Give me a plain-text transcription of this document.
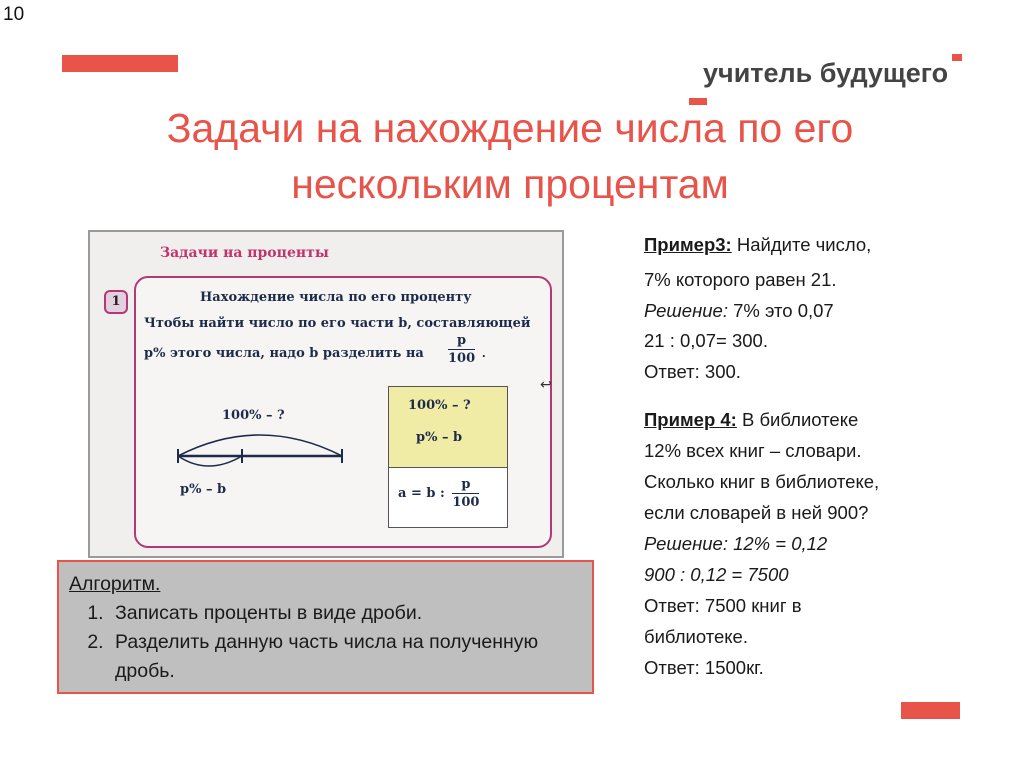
10
учитель будущего
Задачи на нахождение числа по его нескольким процентам
Задачи на проценты
1	Нахождение числа по его проценту
Чтобы найти число по его части b, составляющей
p% этого числа, надо b разделить на $\frac{p}{100}$ .
100% – ?
p% – b
100% – ?
p% – b
a = b : $\frac{p}{100}$
↩
Алгоритм.
1. Записать проценты в виде дроби.
2. Разделить данную часть числа на полученную дробь.
Пример3: Найдите число,
7% которого равен 21.
Решение: 7% это 0,07
21 : 0,07= 300.
Ответ: 300.
Пример 4: В библиотеке
12% всех книг – словари.
Сколько книг в библиотеке,
если словарей в ней 900?
Решение: 12% = 0,12
900 : 0,12 = 7500
Ответ: 7500 книг в
библиотеке.
Ответ: 1500кг.
